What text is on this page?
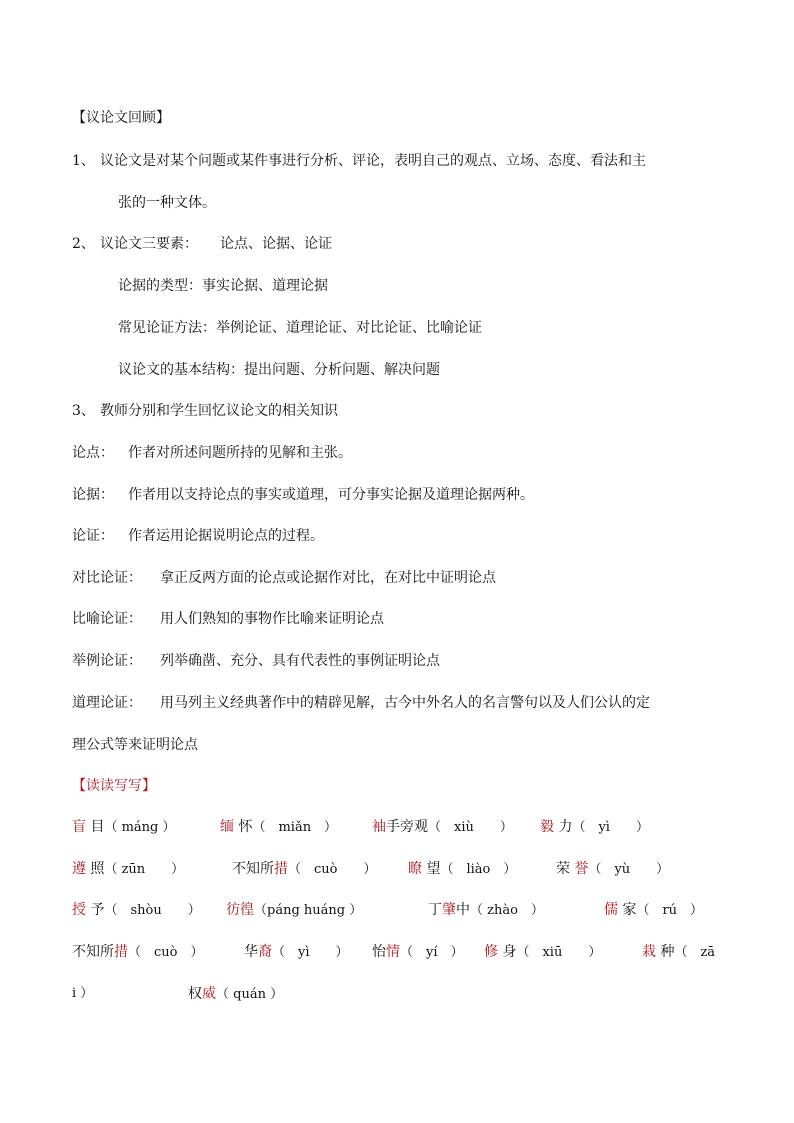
【议论文回顾】
1、 议论文是对某个问题或某件事进行分析、评论，表明自己的观点、立场、态度、看法和主
张的一种文体。
2、 议论文三要素： 论点、论据、论证
论据的类型：事实论据、道理论据
常见论证方法：举例论证、道理论证、对比论证、比喻论证
议论文的基本结构：提出问题、分析问题、解决问题
3、 教师分别和学生回忆议论文的相关知识
论点： 作者对所述问题所持的见解和主张。
论据： 作者用以支持论点的事实或道理，可分事实论据及道理论据两种。
论证： 作者运用论据说明论点的过程。
对比论证： 拿正反两方面的论点或论据作对比，在对比中证明论点
比喻论证： 用人们熟知的事物作比喻来证明论点
举例论证： 列举确凿、充分、具有代表性的事例证明论点
道理论证： 用马列主义经典著作中的精辟见解，古今中外名人的名言警句以及人们公认的定
理公式等来证明论点
【读读写写】
盲 目（ máng ）	缅 怀（　miǎn　） 袖手旁观（　xiù　　） 毅 力（　yì　　）
遵 照（ zūn　　）	不知所措（　cuò　　） 瞭 望（　liào　）	荣 誉（　yù　　）
授 予（　shòu　　） 彷徨（páng huáng ）	丁肇中（ zhào　）	儒 家（　rú　）
不知所措（　cuò　）	华裔（　yì　　） 怡情（　yí　） 修 身（　xiū　　）	栽 种（　zā
i ）	权威（ quán ）
